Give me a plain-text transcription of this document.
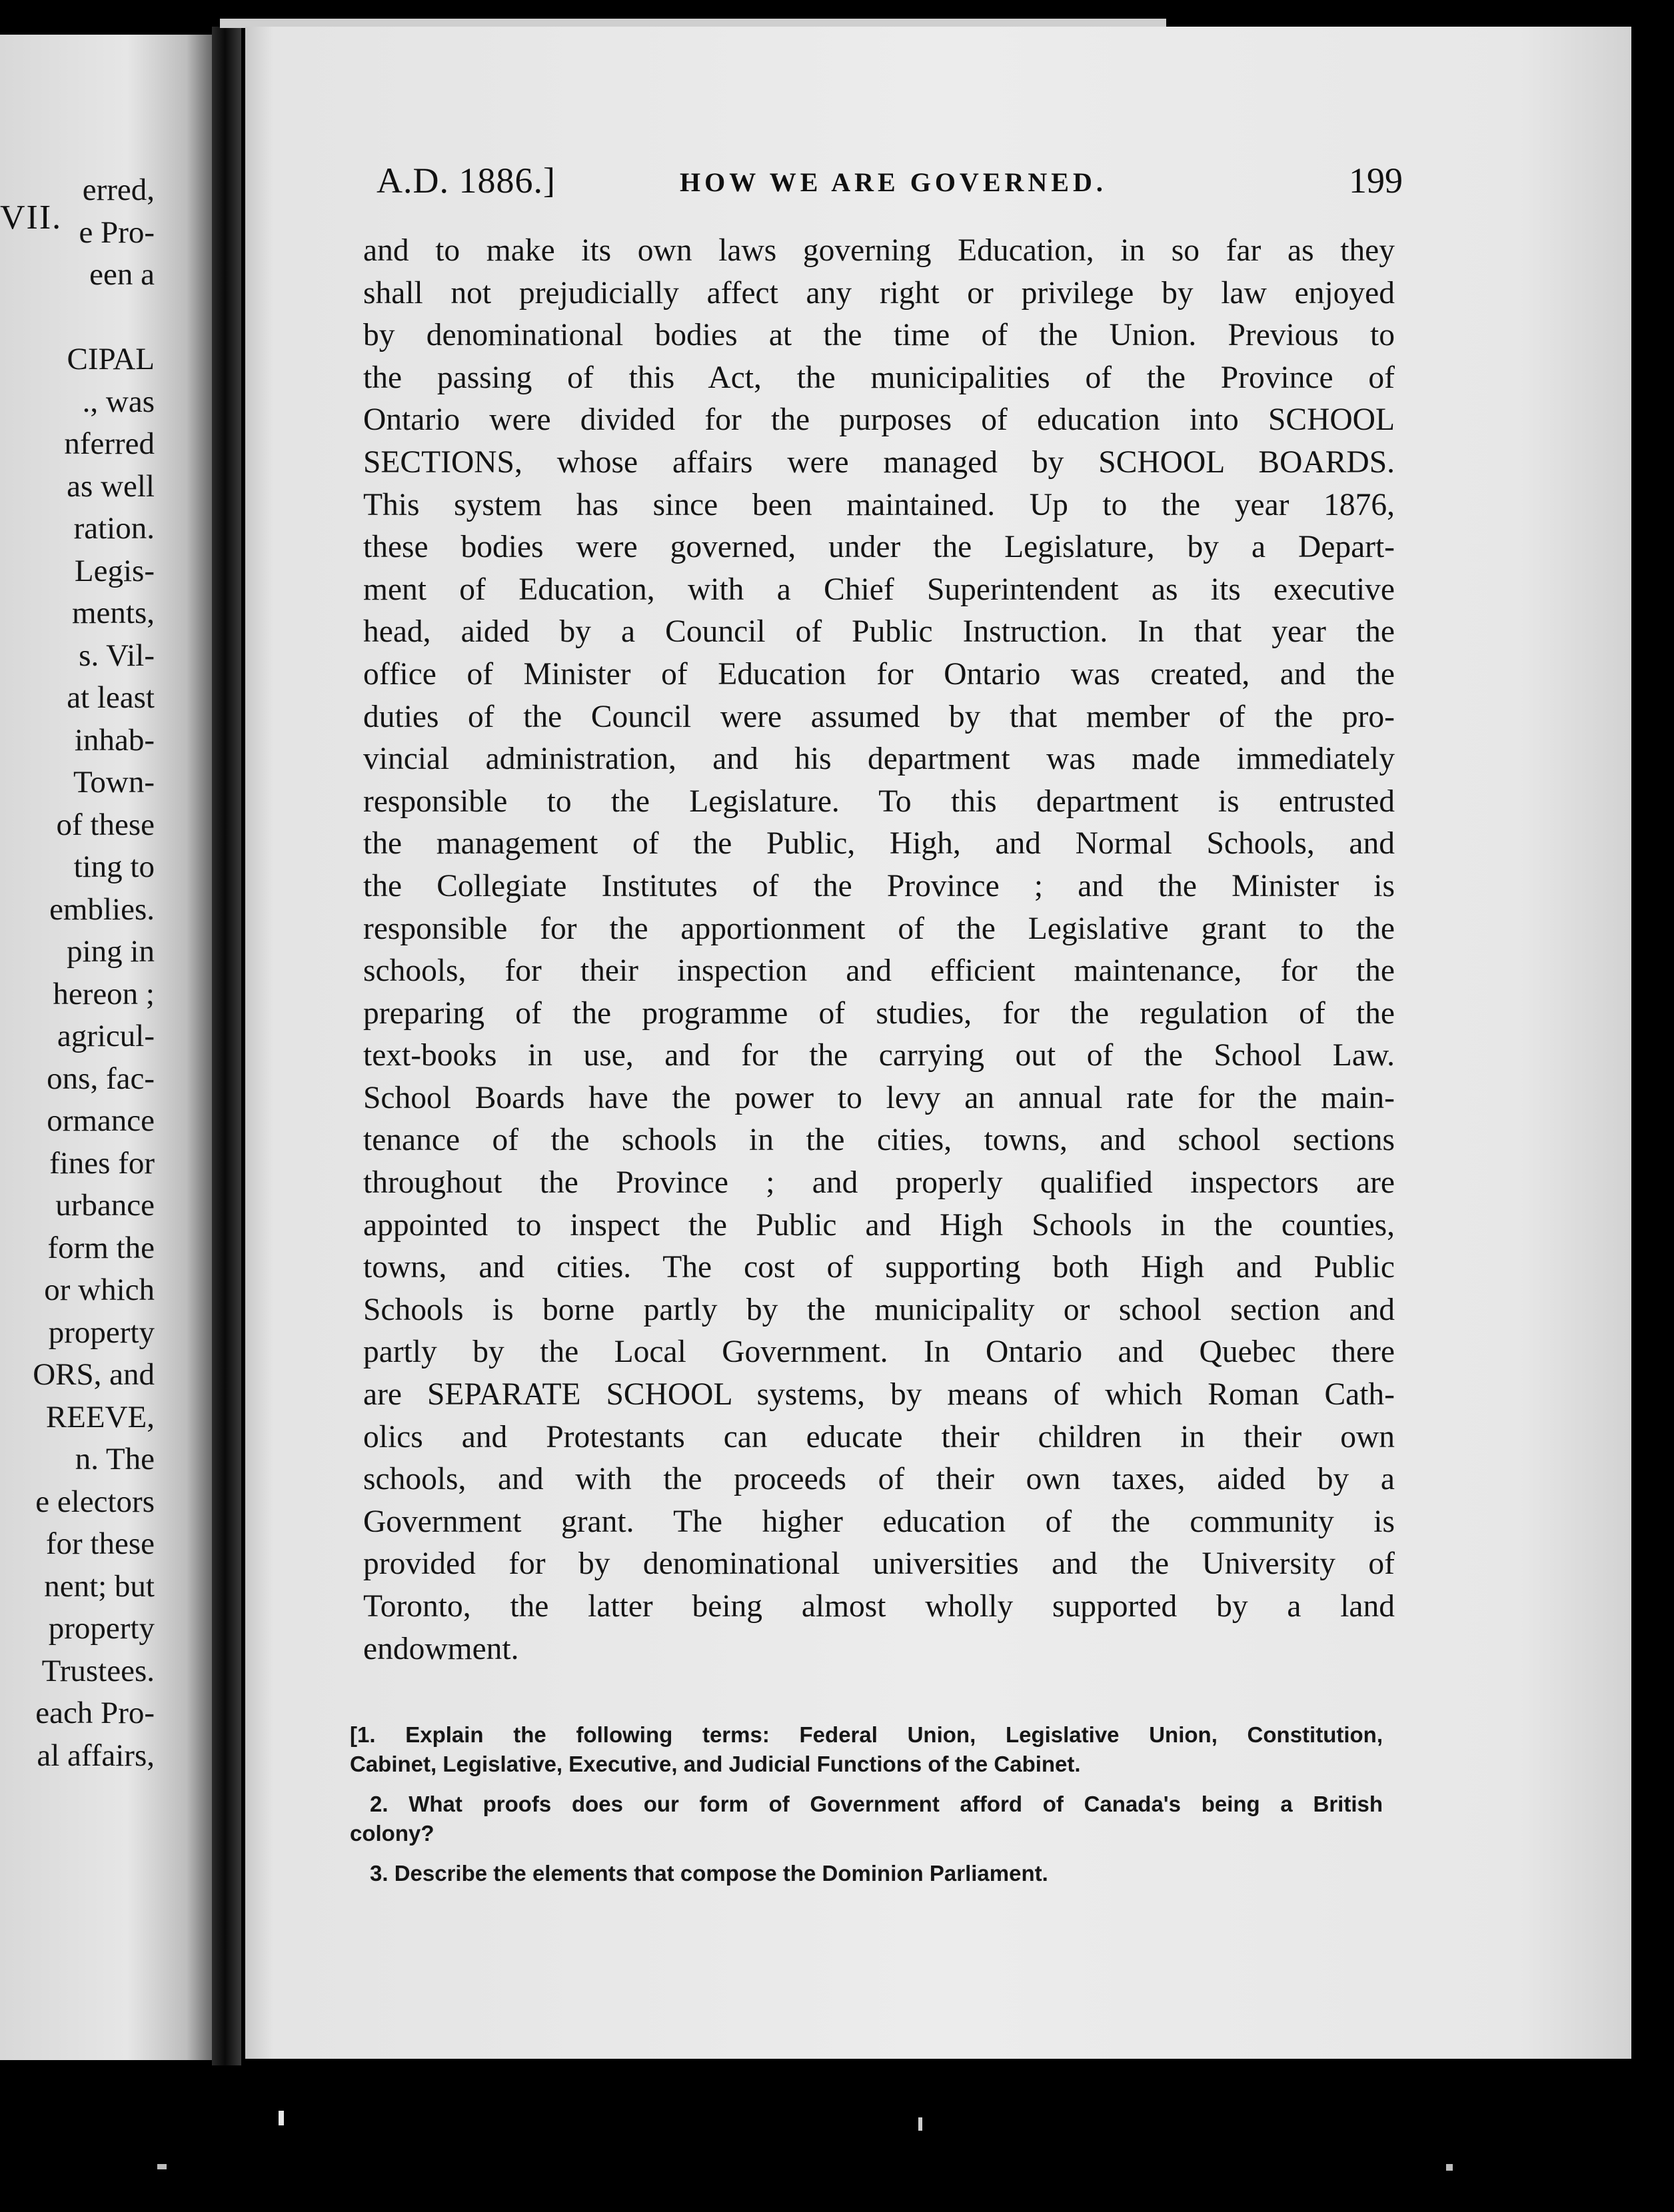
VII.
erred,
e Pro-
een a
CIPAL
., was
nferred
as well
ration.
Legis-
ments,
s. Vil-
at least
inhab-
Town-
of these
ting to
emblies.
ping in
hereon ;
agricul-
ons, fac-
ormance
fines for
urbance
form the
or which
property
ORS, and
REEVE,
n. The
e electors
for these
nent; but
property
Trustees.
each Pro-
al affairs,
A.D. 1886.]	HOW WE ARE GOVERNED.	199
and to make its own laws governing Education, in so far as they
shall not prejudicially affect any right or privilege by law enjoyed
by denominational bodies at the time of the Union. Previous to
the passing of this Act, the municipalities of the Province of
Ontario were divided for the purposes of education into SCHOOL
SECTIONS, whose affairs were managed by SCHOOL BOARDS.
This system has since been maintained. Up to the year 1876,
these bodies were governed, under the Legislature, by a Depart-
ment of Education, with a Chief Superintendent as its executive
head, aided by a Council of Public Instruction. In that year the
office of Minister of Education for Ontario was created, and the
duties of the Council were assumed by that member of the pro-
vincial administration, and his department was made immediately
responsible to the Legislature. To this department is entrusted
the management of the Public, High, and Normal Schools, and
the Collegiate Institutes of the Province ; and the Minister is
responsible for the apportionment of the Legislative grant to the
schools, for their inspection and efficient maintenance, for the
preparing of the programme of studies, for the regulation of the
text-books in use, and for the carrying out of the School Law.
School Boards have the power to levy an annual rate for the main-
tenance of the schools in the cities, towns, and school sections
throughout the Province ; and properly qualified inspectors are
appointed to inspect the Public and High Schools in the counties,
towns, and cities. The cost of supporting both High and Public
Schools is borne partly by the municipality or school section and
partly by the Local Government. In Ontario and Quebec there
are SEPARATE SCHOOL systems, by means of which Roman Cath-
olics and Protestants can educate their children in their own
schools, and with the proceeds of their own taxes, aided by a
Government grant. The higher education of the community is
provided for by denominational universities and the University of
Toronto, the latter being almost wholly supported by a land
endowment.
[1. Explain the following terms: Federal Union, Legislative Union, Constitution,
Cabinet, Legislative, Executive, and Judicial Functions of the Cabinet.
2. What proofs does our form of Government afford of Canada's being a British
colony?
3. Describe the elements that compose the Dominion Parliament.
